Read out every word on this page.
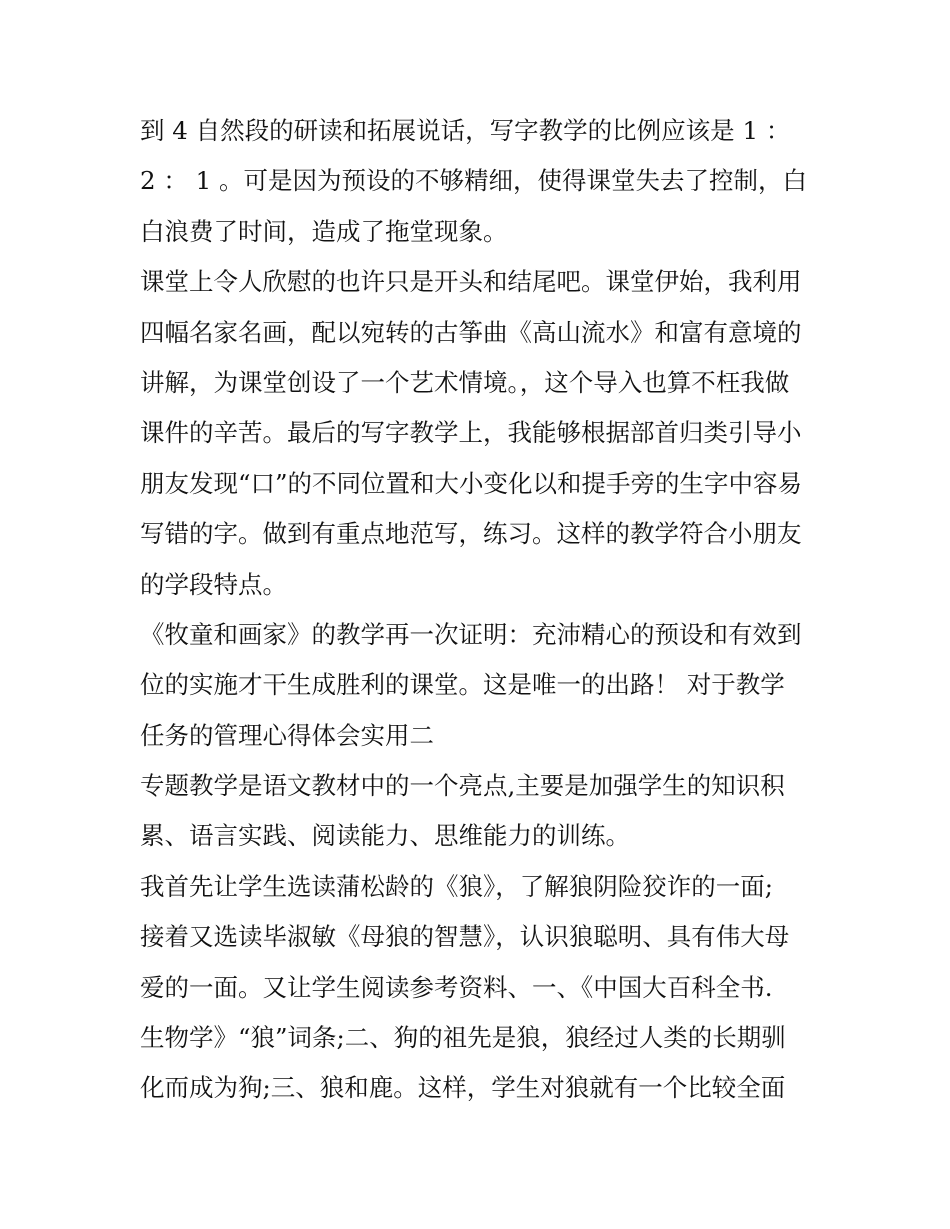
到 4 自然段的研读和拓展说话，写字教学的比例应该是 1 ：
2 ： 1 。可是因为预设的不够精细，使得课堂失去了控制，白
白浪费了时间，造成了拖堂现象。
课堂上令人欣慰的也许只是开头和结尾吧。课堂伊始，我利用
四幅名家名画，配以宛转的古筝曲《高山流水》和富有意境的
讲解，为课堂创设了一个艺术情境。，这个导入也算不枉我做
课件的辛苦。最后的写字教学上，我能够根据部首归类引导小
朋友发现“口”的不同位置和大小变化以和提手旁的生字中容易
写错的字。做到有重点地范写，练习。这样的教学符合小朋友
的学段特点。
《牧童和画家》的教学再一次证明：充沛精心的预设和有效到
位的实施才干生成胜利的课堂。这是唯一的出路！ 对于教学
任务的管理心得体会实用二
专题教学是语文教材中的一个亮点,主要是加强学生的知识积
累、语言实践、阅读能力、思维能力的训练。
我首先让学生选读蒲松龄的《狼》，了解狼阴险狡诈的一面;
接着又选读毕淑敏《母狼的智慧》，认识狼聪明、具有伟大母
爱的一面。又让学生阅读参考资料、一、《中国大百科全书.
生物学》“狼”词条;二、狗的祖先是狼，狼经过人类的长期驯
化而成为狗;三、狼和鹿。这样，学生对狼就有一个比较全面
